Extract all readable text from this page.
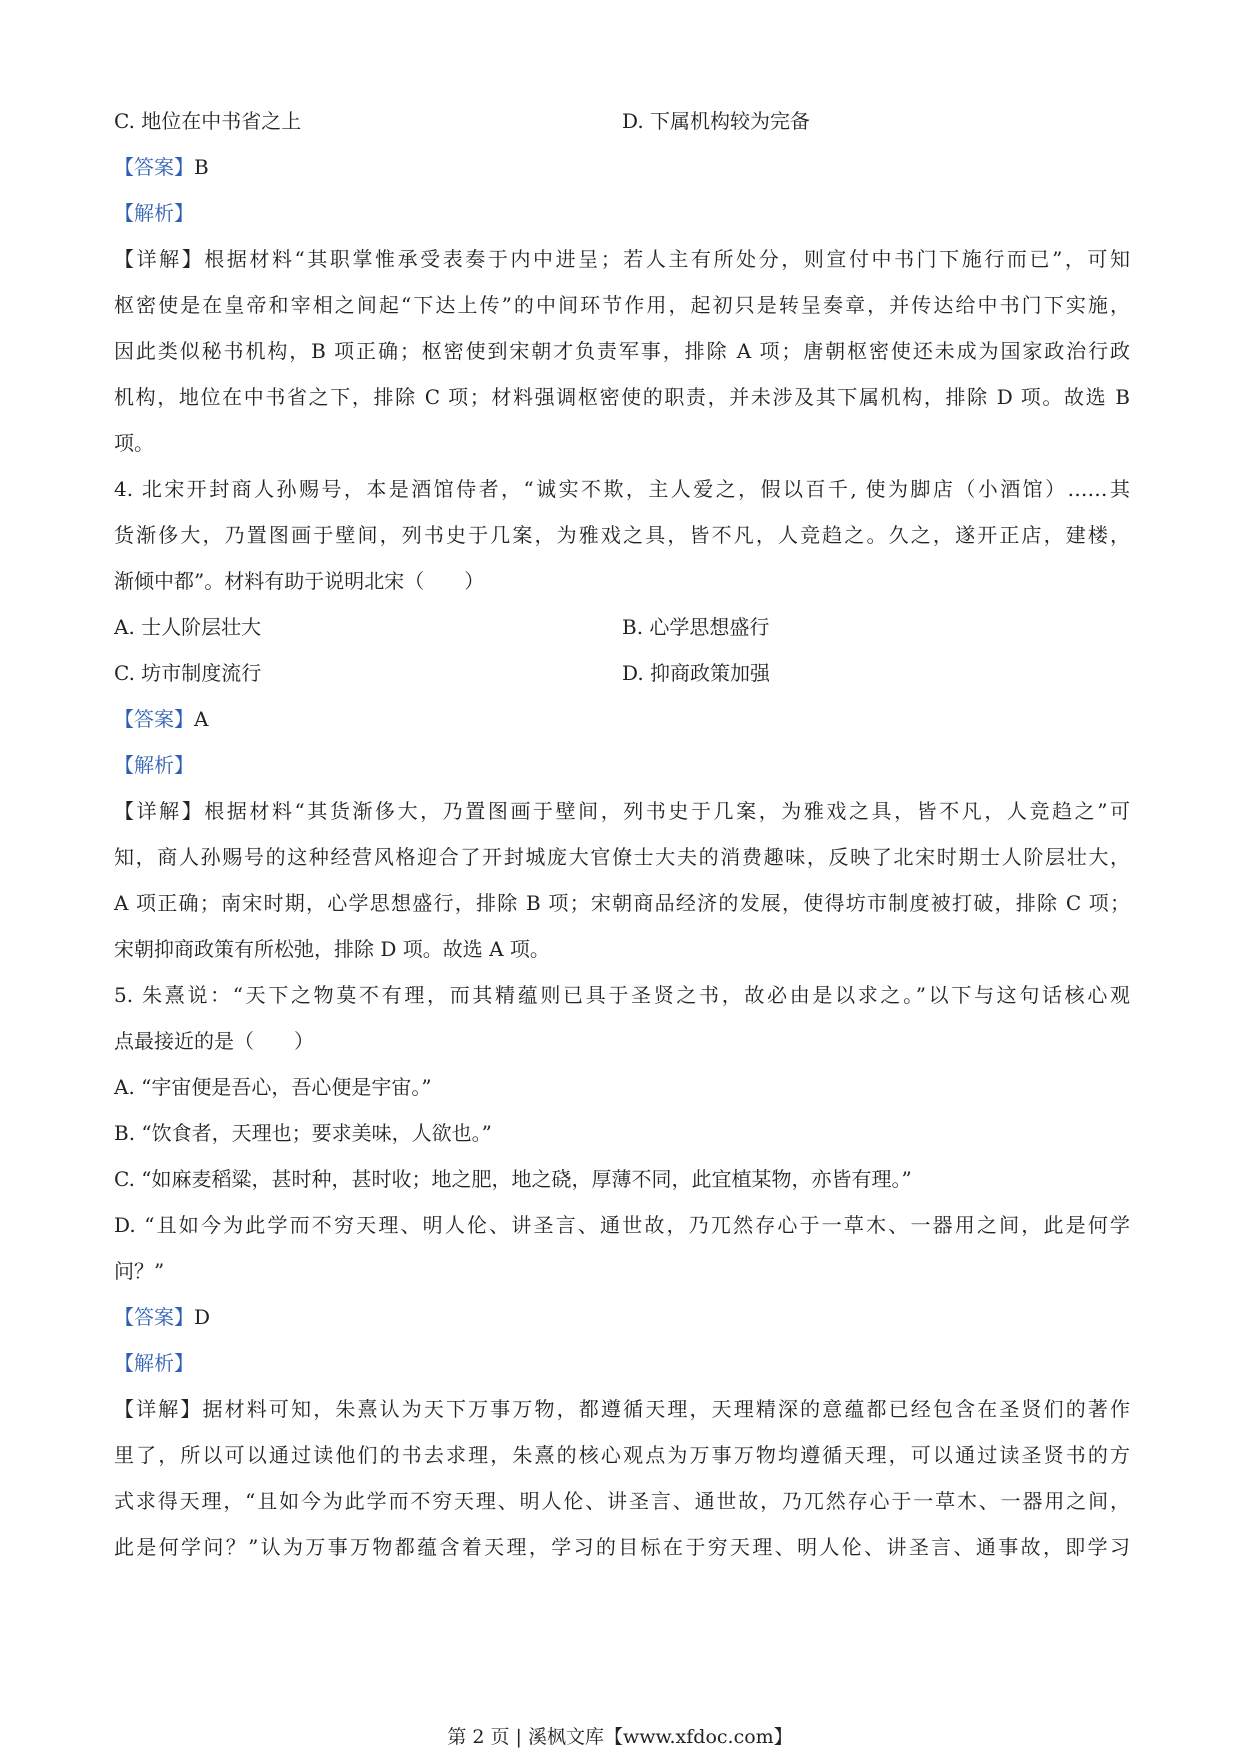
C. 地位在中书省之上	D. 下属机构较为完备
【答案】B
【解析】
【详解】根据材料“其职掌惟承受表奏于内中进呈；若人主有所处分，则宣付中书门下施行而已”，可知
枢密使是在皇帝和宰相之间起“下达上传”的中间环节作用，起初只是转呈奏章，并传达给中书门下实施，
因此类似秘书机构，B 项正确；枢密使到宋朝才负责军事，排除 A 项；唐朝枢密使还未成为国家政治行政
机构，地位在中书省之下，排除 C 项；材料强调枢密使的职责，并未涉及其下属机构，排除 D 项。故选 B
项。
4. 北宋开封商人孙赐号，本是酒馆侍者，“诚实不欺，主人爱之，假以百千, 使为脚店（小酒馆）……其
货渐侈大，乃置图画于壁间，列书史于几案，为雅戏之具，皆不凡，人竞趋之。久之，遂开正店，建楼，
渐倾中都”。材料有助于说明北宋（　　）
A. 士人阶层壮大	B. 心学思想盛行
C. 坊市制度流行	D. 抑商政策加强
【答案】A
【解析】
【详解】根据材料“其货渐侈大，乃置图画于壁间，列书史于几案，为雅戏之具，皆不凡，人竞趋之”可
知，商人孙赐号的这种经营风格迎合了开封城庞大官僚士大夫的消费趣味，反映了北宋时期士人阶层壮大，
A 项正确；南宋时期，心学思想盛行，排除 B 项；宋朝商品经济的发展，使得坊市制度被打破，排除 C 项；
宋朝抑商政策有所松弛，排除 D 项。故选 A 项。
5. 朱熹说：“天下之物莫不有理，而其精蕴则已具于圣贤之书，故必由是以求之。”以下与这句话核心观
点最接近的是（　　）
A. “宇宙便是吾心，吾心便是宇宙。”
B. “饮食者，天理也；要求美味，人欲也。”
C. “如麻麦稻粱，甚时种，甚时收；地之肥，地之硗，厚薄不同，此宜植某物，亦皆有理。”
D. “且如今为此学而不穷天理、明人伦、讲圣言、通世故，乃兀然存心于一草木、一器用之间，此是何学
问？”
【答案】D
【解析】
【详解】据材料可知，朱熹认为天下万事万物，都遵循天理，天理精深的意蕴都已经包含在圣贤们的著作
里了，所以可以通过读他们的书去求理，朱熹的核心观点为万事万物均遵循天理，可以通过读圣贤书的方
式求得天理，“且如今为此学而不穷天理、明人伦、讲圣言、通世故，乃兀然存心于一草木、一器用之间，
此是何学问？”认为万事万物都蕴含着天理，学习的目标在于穷天理、明人伦、讲圣言、通事故，即学习
第 2 页 | 溪枫文库【www.xfdoc.com】
